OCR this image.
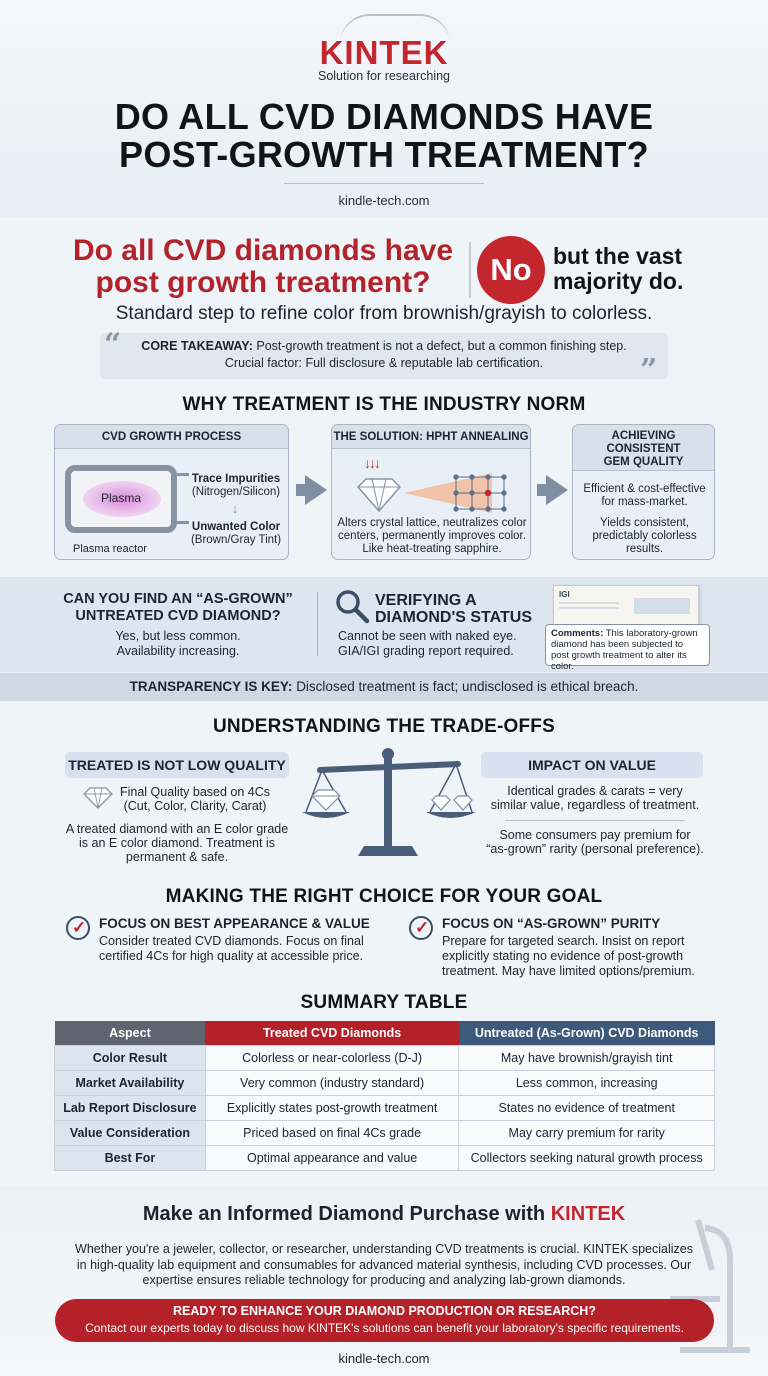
KINTEK
Solution for researching
DO ALL CVD DIAMONDS HAVE
POST-GROWTH TREATMENT?
kindle-tech.com
Do all CVD diamonds have
post growth treatment?	No but the vast
majority do.
Standard step to refine color from brownish/grayish to colorless.
“
”
CORE TAKEAWAY: Post-growth treatment is not a defect, but a common finishing step.
Crucial factor: Full disclosure & reputable lab certification.
WHY TREATMENT IS THE INDUSTRY NORM
CVD GROWTH PROCESS
Plasma
Plasma reactor
Trace Impurities
(Nitrogen/Silicon)
↓
Unwanted Color
(Brown/Gray Tint)
THE SOLUTION: HPHT ANNEALING
↓↓↓
Alters crystal lattice, neutralizes color
centers, permanently improves color.
Like heat-treating sapphire.
ACHIEVING
CONSISTENT
GEM QUALITY
Efficient & cost-effective
for mass-market.
Yields consistent,
predictably colorless
results.
CAN YOU FIND AN “AS-GROWN”
UNTREATED CVD DIAMOND?
Yes, but less common.
Availability increasing.
VERIFYING A
DIAMOND'S STATUS
Cannot be seen with naked eye.
GIA/IGI grading report required.
IGI
Comments: This laboratory-grown
diamond has been subjected to
post growth treatment to alter its color.
TRANSPARENCY IS KEY: Disclosed treatment is fact; undisclosed is ethical breach.
UNDERSTANDING THE TRADE-OFFS
TREATED IS NOT LOW QUALITY
Final Quality based on 4Cs
(Cut, Color, Clarity, Carat)
A treated diamond with an E color grade
is an E color diamond. Treatment is
permanent & safe.
IMPACT ON VALUE
Identical grades & carats = very
similar value, regardless of treatment.
Some consumers pay premium for
“as-grown” rarity (personal preference).
MAKING THE RIGHT CHOICE FOR YOUR GOAL
✓ FOCUS ON BEST APPEARANCE & VALUE
Consider treated CVD diamonds. Focus on final
certified 4Cs for high quality at accessible price.
✓ FOCUS ON “AS-GROWN” PURITY
Prepare for targeted search. Insist on report
explicitly stating no evidence of post-growth
treatment. May have limited options/premium.
SUMMARY TABLE
Aspect	Treated CVD Diamonds	Untreated (As-Grown) CVD Diamonds
Color Result	Colorless or near-colorless (D-J)	May have brownish/grayish tint
Market Availability	Very common (industry standard)	Less common, increasing
Lab Report Disclosure	Explicitly states post-growth treatment	States no evidence of treatment
Value Consideration	Priced based on final 4Cs grade	May carry premium for rarity
Best For	Optimal appearance and value	Collectors seeking natural growth process
Make an Informed Diamond Purchase with KINTEK
Whether you're a jeweler, collector, or researcher, understanding CVD treatments is crucial. KINTEK specializes
in high-quality lab equipment and consumables for advanced material synthesis, including CVD processes. Our
expertise ensures reliable technology for producing and analyzing lab-grown diamonds.
READY TO ENHANCE YOUR DIAMOND PRODUCTION OR RESEARCH?
Contact our experts today to discuss how KINTEK's solutions can benefit your laboratory's specific requirements.
kindle-tech.com
